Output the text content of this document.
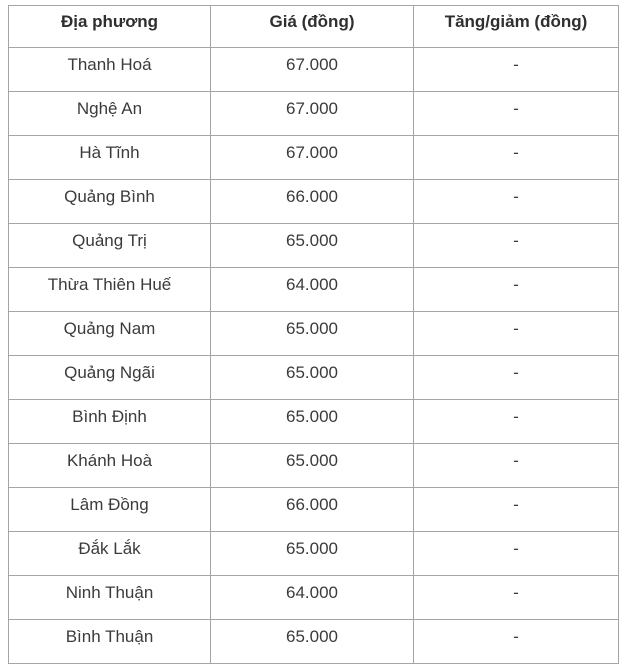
Địa phương	Giá (đồng)	Tăng/giảm (đồng)
Thanh Hoá	67.000	-
Nghệ An	67.000	-
Hà Tĩnh	67.000	-
Quảng Bình	66.000	-
Quảng Trị	65.000	-
Thừa Thiên Huế	64.000	-
Quảng Nam	65.000	-
Quảng Ngãi	65.000	-
Bình Định	65.000	-
Khánh Hoà	65.000	-
Lâm Đồng	66.000	-
Đắk Lắk	65.000	-
Ninh Thuận	64.000	-
Bình Thuận	65.000	-
